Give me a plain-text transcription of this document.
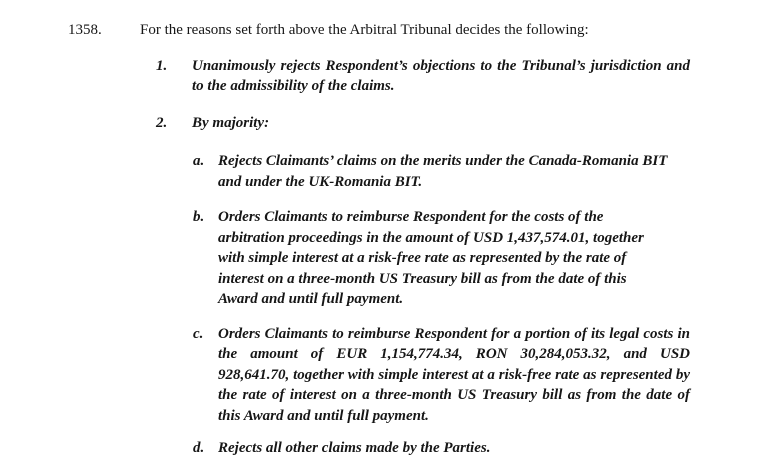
1358.	For the reasons set forth above the Arbitral Tribunal decides the following:
1.	Unanimously rejects Respondent’s objections to the Tribunal’s jurisdiction and to the admissibility of the claims.
2.	By majority:
a. Rejects Claimants’ claims on the merits under the Canada-Romania BIT and under the UK-Romania BIT.
b. Orders Claimants to reimburse Respondent for the costs of the arbitration proceedings in the amount of USD 1,437,574.01, together with simple interest at a risk-free rate as represented by the rate of interest on a three-month US Treasury bill as from the date of this Award and until full payment.
c. Orders Claimants to reimburse Respondent for a portion of its legal costs in the amount of EUR 1,154,774.34, RON 30,284,053.32, and USD 928,641.70, together with simple interest at a risk-free rate as represented by the rate of interest on a three-month US Treasury bill as from the date of this Award and until full payment.
d. Rejects all other claims made by the Parties.
